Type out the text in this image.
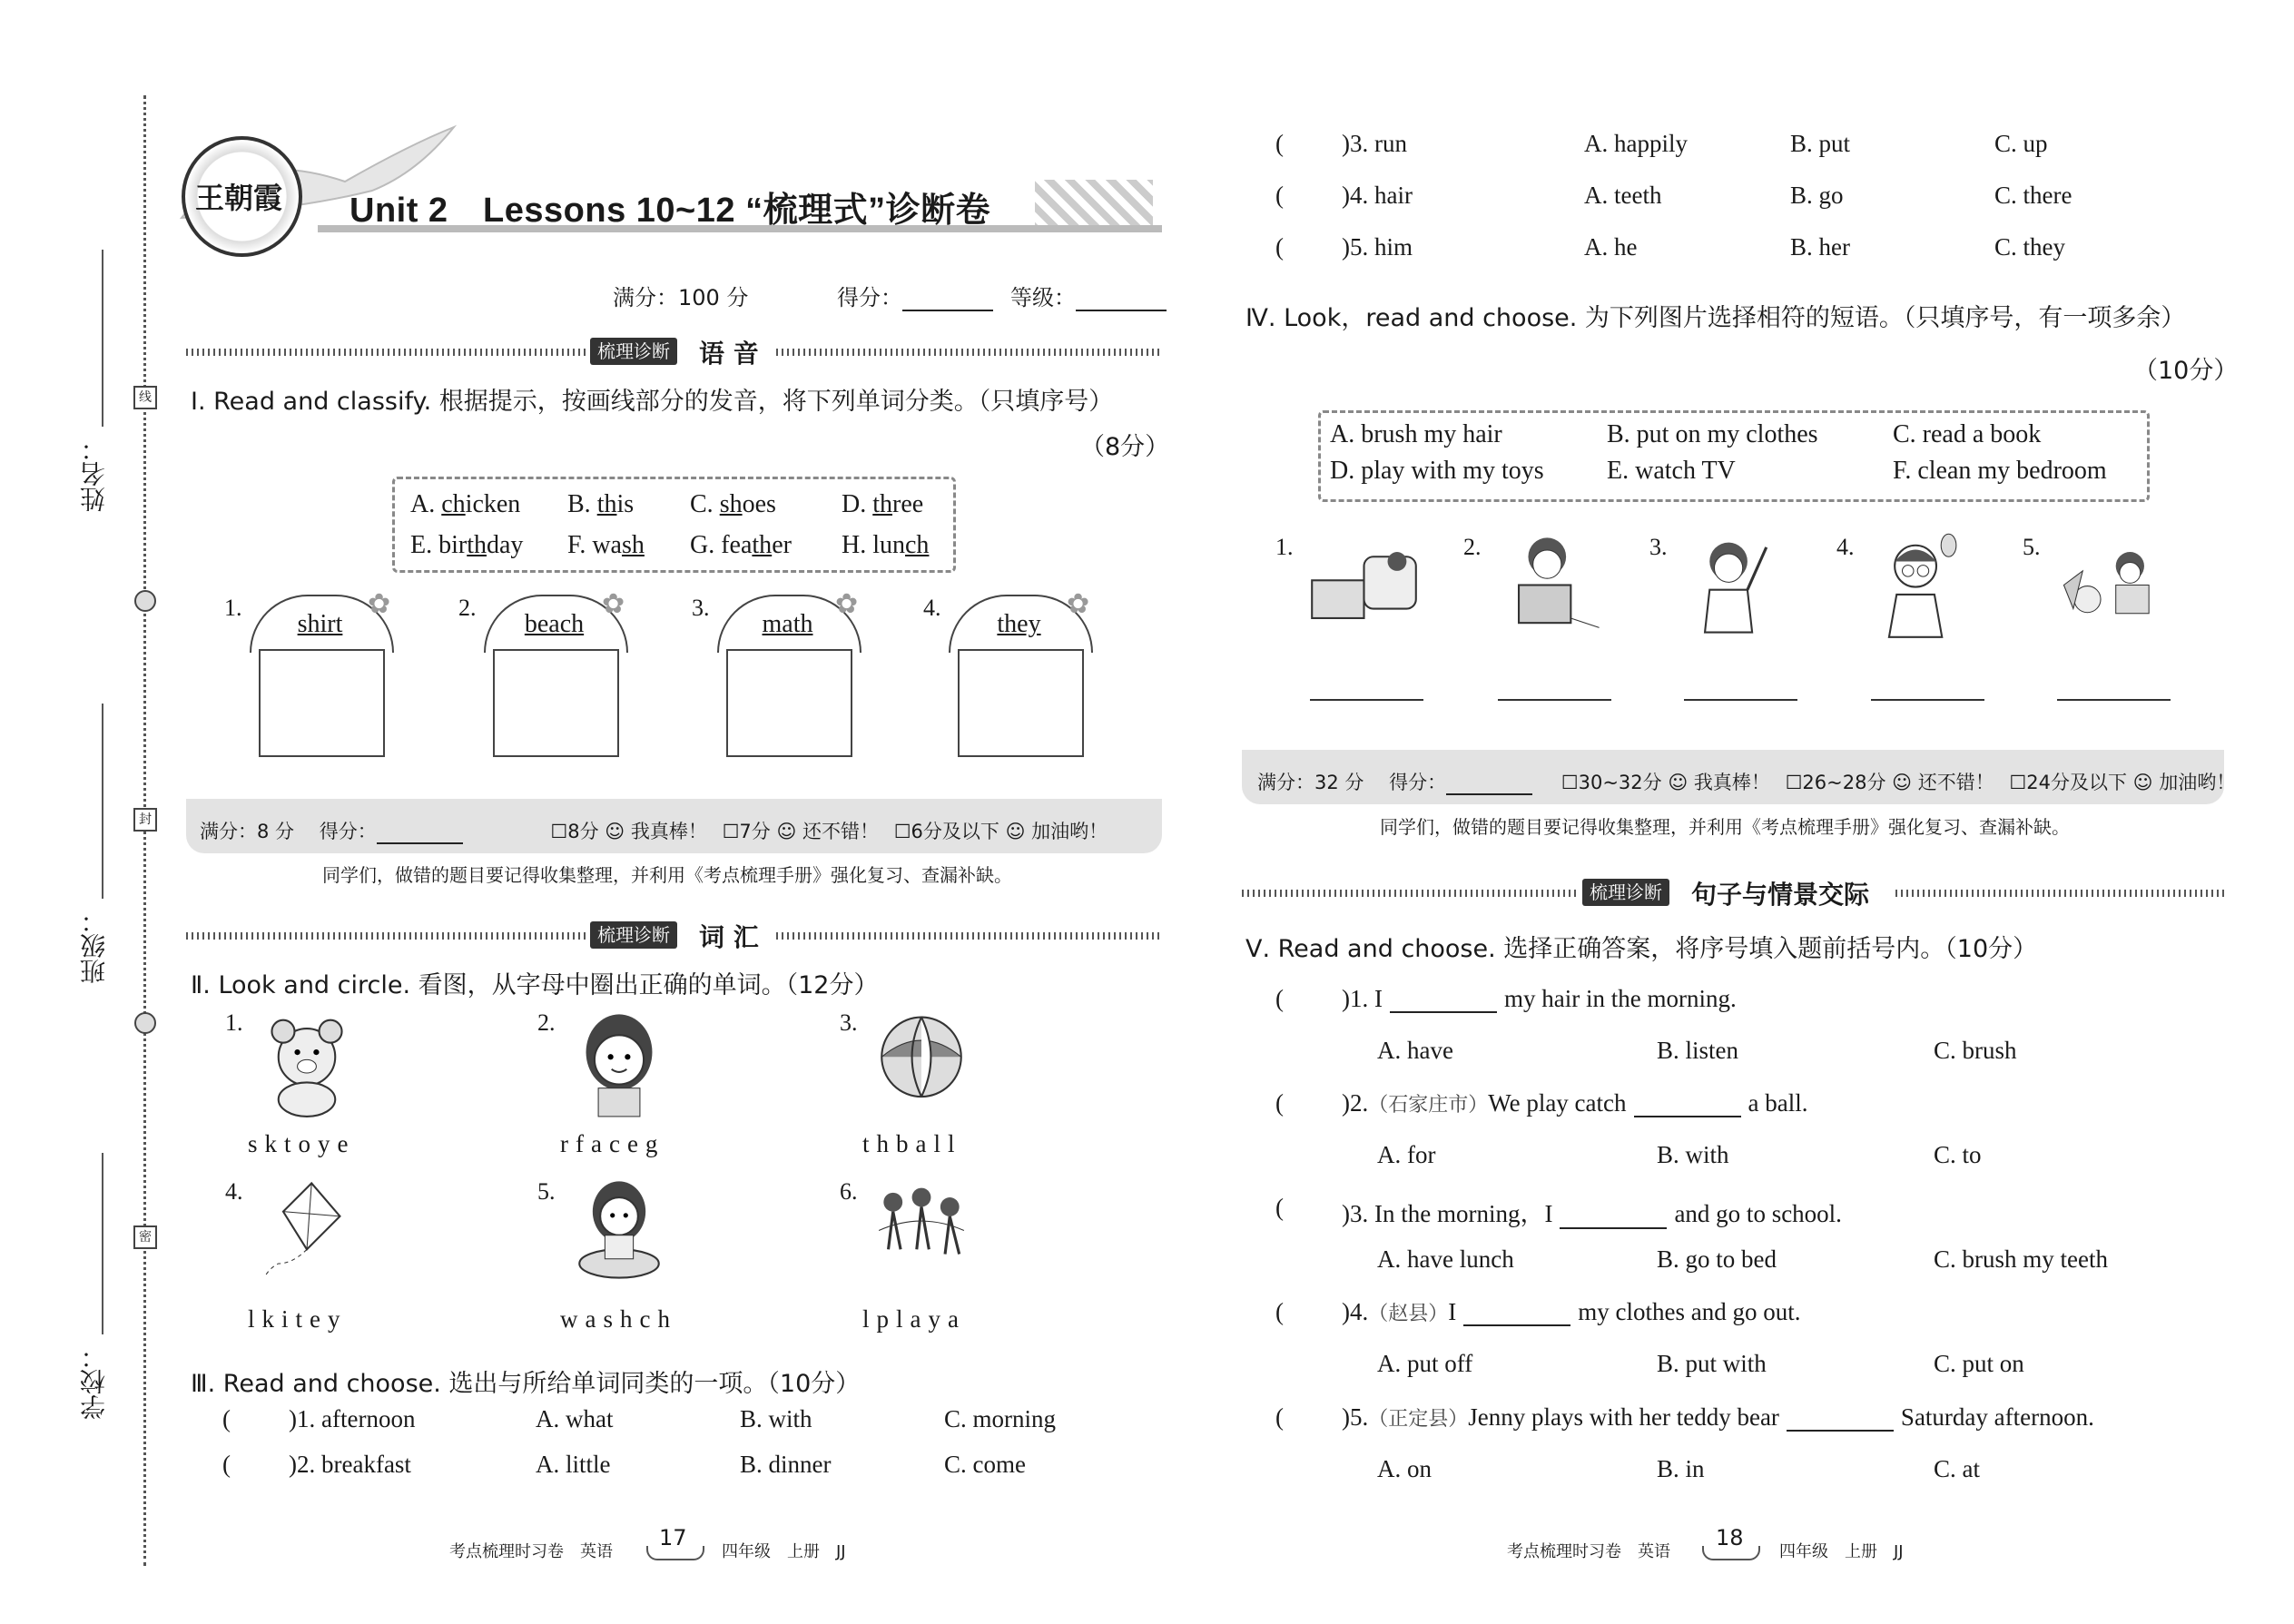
线
封
密
姓名：
班级：
学校：
王朝霞 Unit 2　Lessons 10~12 “梳理式”诊断卷
满分：100 分	得分：	等级：
梳理诊断 语 音
Ⅰ. Read and classify. 根据提示，按画线部分的发音，将下列单词分类。（只填序号）
（8分）
A. chicken B. this C. shoes	D. three
E. birthday F. wash G. feather H. lunch
1.	✿
shirt
2.	✿
beach
3.	✿
math
4.	✿
they
满分：8 分　 得分：	☐8分 ☺ 我真棒！ ☐7分 ☺ 还不错！ ☐6分及以下 ☺ 加油哟！
同学们，做错的题目要记得收集整理，并利用《考点梳理手册》强化复习、查漏补缺。
梳理诊断 词 汇
Ⅱ. Look and circle. 看图，从字母中圈出正确的单词。（12分）
1.
sktoye
2.
rfaceg
3.
thball
4.
lkitey
5.
washch
6.
lplaya
Ⅲ. Read and choose. 选出与所给单词同类的一项。（10分）
( )1. afternoon	A. what	B. with	C. morning
( )2. breakfast	A. little	B. dinner	C. come
考点梳理时习卷　英语
17
四年级　上册　JJ
( )3. run	A. happily	B. put	C. up
( )4. hair	A. teeth	B. go	C. there
( )5. him	A. he	B. her	C. they
Ⅳ. Look，read and choose. 为下列图片选择相符的短语。（只填序号，有一项多余）
（10分）
A. brush my hair	B. put on my clothes	C. read a book
D. play with my toys E. watch TV	F. clean my bedroom
1.	2.	3.	4.	5.
满分：32 分　 得分：	☐30~32分 ☺ 我真棒！ ☐26~28分 ☺ 还不错！ ☐24分及以下 ☺ 加油哟！
同学们，做错的题目要记得收集整理，并利用《考点梳理手册》强化复习、查漏补缺。
梳理诊断 句子与情景交际
Ⅴ. Read and choose. 选择正确答案，将序号填入题前括号内。（10分）
( )1. I	my hair in the morning.
A. have	B. listen	C. brush
( )2.（石家庄市）We play catch	a ball.
A. for	B. with	C. to
( )3. In the morning，I	and go to school.
A. have lunch	B. go to bed	C. brush my teeth
( )4.（赵县）I	my clothes and go out.
A. put off	B. put with	C. put on
( )5.（正定县）Jenny plays with her teddy bear	Saturday afternoon.
A. on	B. in	C. at
考点梳理时习卷　英语
18
四年级　上册　JJ
